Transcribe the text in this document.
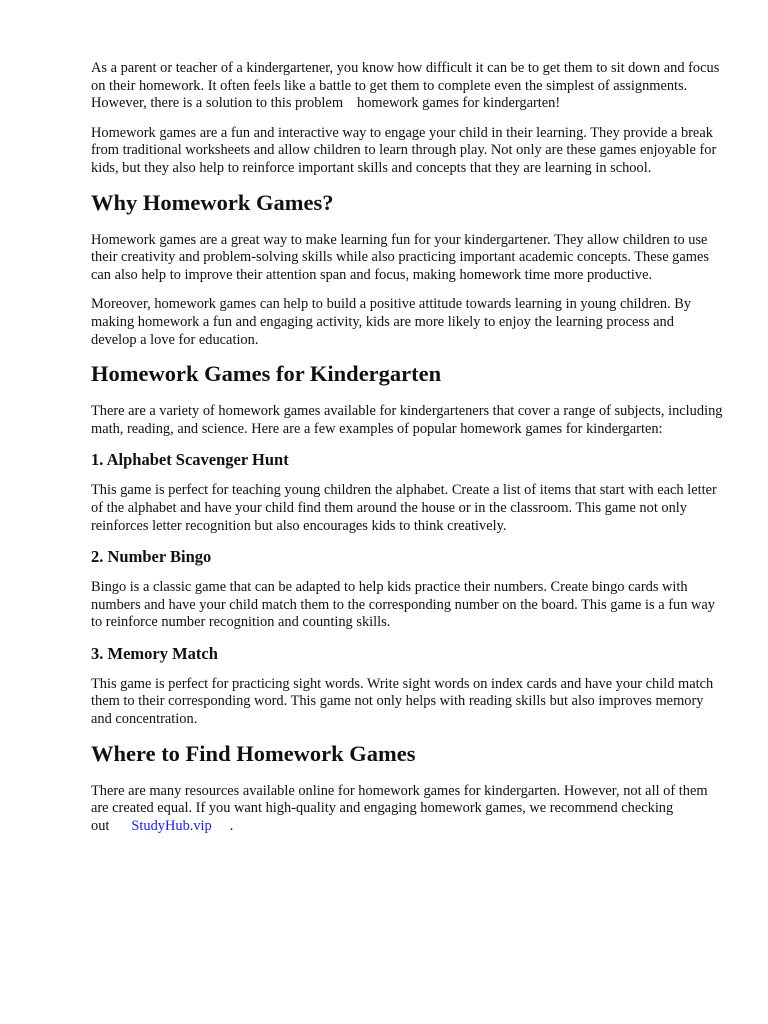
As a parent or teacher of a kindergartener, you know how difficult it can be to get them to sit down and focus on their homework. It often feels like a battle to get them to complete even the simplest of assignments. However, there is a solution to this problem homework games for kindergarten!

Homework games are a fun and interactive way to engage your child in their learning. They provide a break from traditional worksheets and allow children to learn through play. Not only are these games enjoyable for kids, but they also help to reinforce important skills and concepts that they are learning in school.

Why Homework Games?

Homework games are a great way to make learning fun for your kindergartener. They allow children to use their creativity and problem-solving skills while also practicing important academic concepts. These games can also help to improve their attention span and focus, making homework time more productive.

Moreover, homework games can help to build a positive attitude towards learning in young children. By making homework a fun and engaging activity, kids are more likely to enjoy the learning process and develop a love for education.

Homework Games for Kindergarten

There are a variety of homework games available for kindergarteners that cover a range of subjects, including math, reading, and science. Here are a few examples of popular homework games for kindergarten:

1. Alphabet Scavenger Hunt

This game is perfect for teaching young children the alphabet. Create a list of items that start with each letter of the alphabet and have your child find them around the house or in the classroom. This game not only reinforces letter recognition but also encourages kids to think creatively.

2. Number Bingo

Bingo is a classic game that can be adapted to help kids practice their numbers. Create bingo cards with numbers and have your child match them to the corresponding number on the board. This game is a fun way to reinforce number recognition and counting skills.

3. Memory Match

This game is perfect for practicing sight words. Write sight words on index cards and have your child match them to their corresponding word. This game not only helps with reading skills but also improves memory and concentration.

Where to Find Homework Games

There are many resources available online for homework games for kindergarten. However, not all of them are created equal. If you want high-quality and engaging homework games, we recommend checking out StudyHub.vip .
